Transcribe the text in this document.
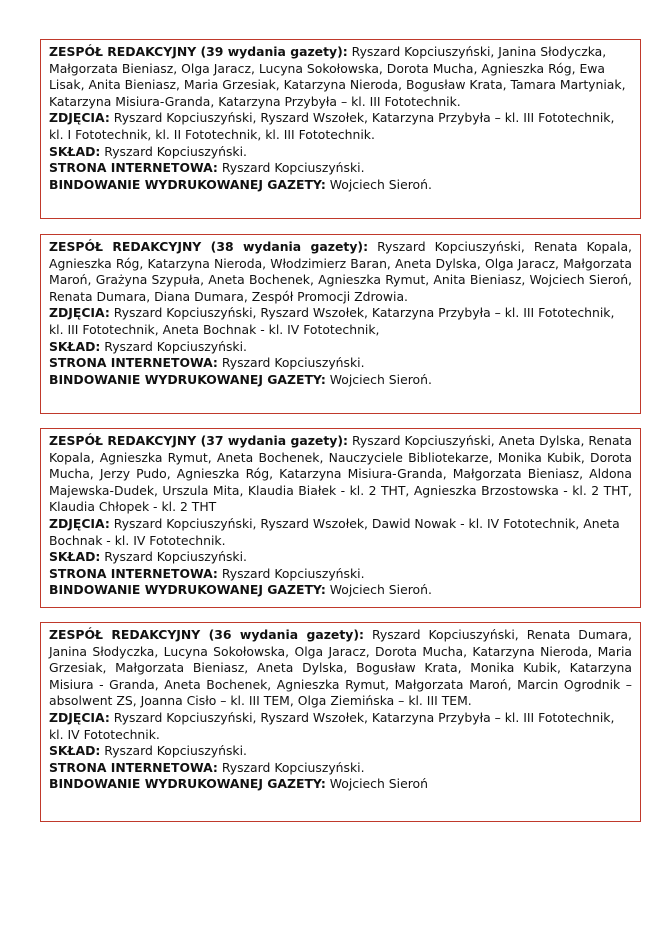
ZESPÓŁ REDAKCYJNY (39 wydania gazety): Ryszard Kopciuszyński, Janina Słodyczka, Małgorzata Bieniasz, Olga Jaracz, Lucyna Sokołowska, Dorota Mucha, Agnieszka Róg, Ewa Lisak, Anita Bieniasz, Maria Grzesiak, Katarzyna Nieroda, Bogusław Krata, Tamara Martyniak, Katarzyna Misiura-Granda, Katarzyna Przybyła – kl. III Fototechnik.

ZDJĘCIA: Ryszard Kopciuszyński, Ryszard Wszołek, Katarzyna Przybyła – kl. III Fototechnik, kl. I Fototechnik, kl. II Fototechnik, kl. III Fototechnik.

SKŁAD: Ryszard Kopciuszyński.

STRONA INTERNETOWA: Ryszard Kopciuszyński.

BINDOWANIE WYDRUKOWANEJ GAZETY: Wojciech Sieroń.

ZESPÓŁ REDAKCYJNY (38 wydania gazety): Ryszard Kopciuszyński, Renata Kopala, Agnieszka Róg, Katarzyna Nieroda, Włodzimierz Baran, Aneta Dylska, Olga Jaracz, Małgorzata Maroń, Grażyna Szypuła, Aneta Bochenek, Agnieszka Rymut, Anita Bieniasz, Wojciech Sieroń, Renata Dumara, Diana Dumara, Zespół Promocji Zdrowia.

ZDJĘCIA: Ryszard Kopciuszyński, Ryszard Wszołek, Katarzyna Przybyła – kl. III Fototechnik, kl. III Fototechnik, Aneta Bochnak - kl. IV Fototechnik,

SKŁAD: Ryszard Kopciuszyński.

STRONA INTERNETOWA: Ryszard Kopciuszyński.

BINDOWANIE WYDRUKOWANEJ GAZETY: Wojciech Sieroń.

ZESPÓŁ REDAKCYJNY (37 wydania gazety): Ryszard Kopciuszyński, Aneta Dylska, Renata Kopala, Agnieszka Rymut, Aneta Bochenek, Nauczyciele Bibliotekarze, Monika Kubik, Dorota Mucha, Jerzy Pudo, Agnieszka Róg, Katarzyna Misiura-Granda, Małgorzata Bieniasz, Aldona Majewska-Dudek, Urszula Mita, Klaudia Białek - kl. 2 THT, Agnieszka Brzostowska - kl. 2 THT, Klaudia Chłopek - kl. 2 THT

ZDJĘCIA: Ryszard Kopciuszyński, Ryszard Wszołek, Dawid Nowak - kl. IV Fototechnik, Aneta Bochnak - kl. IV Fototechnik.

SKŁAD: Ryszard Kopciuszyński.

STRONA INTERNETOWA: Ryszard Kopciuszyński.

BINDOWANIE WYDRUKOWANEJ GAZETY: Wojciech Sieroń.

ZESPÓŁ REDAKCYJNY (36 wydania gazety): Ryszard Kopciuszyński, Renata Dumara, Janina Słodyczka, Lucyna Sokołowska, Olga Jaracz, Dorota Mucha, Katarzyna Nieroda, Maria Grzesiak, Małgorzata Bieniasz, Aneta Dylska, Bogusław Krata, Monika Kubik, Katarzyna Misiura - Granda, Aneta Bochenek, Agnieszka Rymut, Małgorzata Maroń, Marcin Ogrodnik – absolwent ZS, Joanna Cisło – kl. III TEM, Olga Ziemińska – kl. III TEM.

ZDJĘCIA: Ryszard Kopciuszyński, Ryszard Wszołek, Katarzyna Przybyła – kl. III Fototechnik, kl. IV Fototechnik.

SKŁAD: Ryszard Kopciuszyński.

STRONA INTERNETOWA: Ryszard Kopciuszyński.

BINDOWANIE WYDRUKOWANEJ GAZETY: Wojciech Sieroń
